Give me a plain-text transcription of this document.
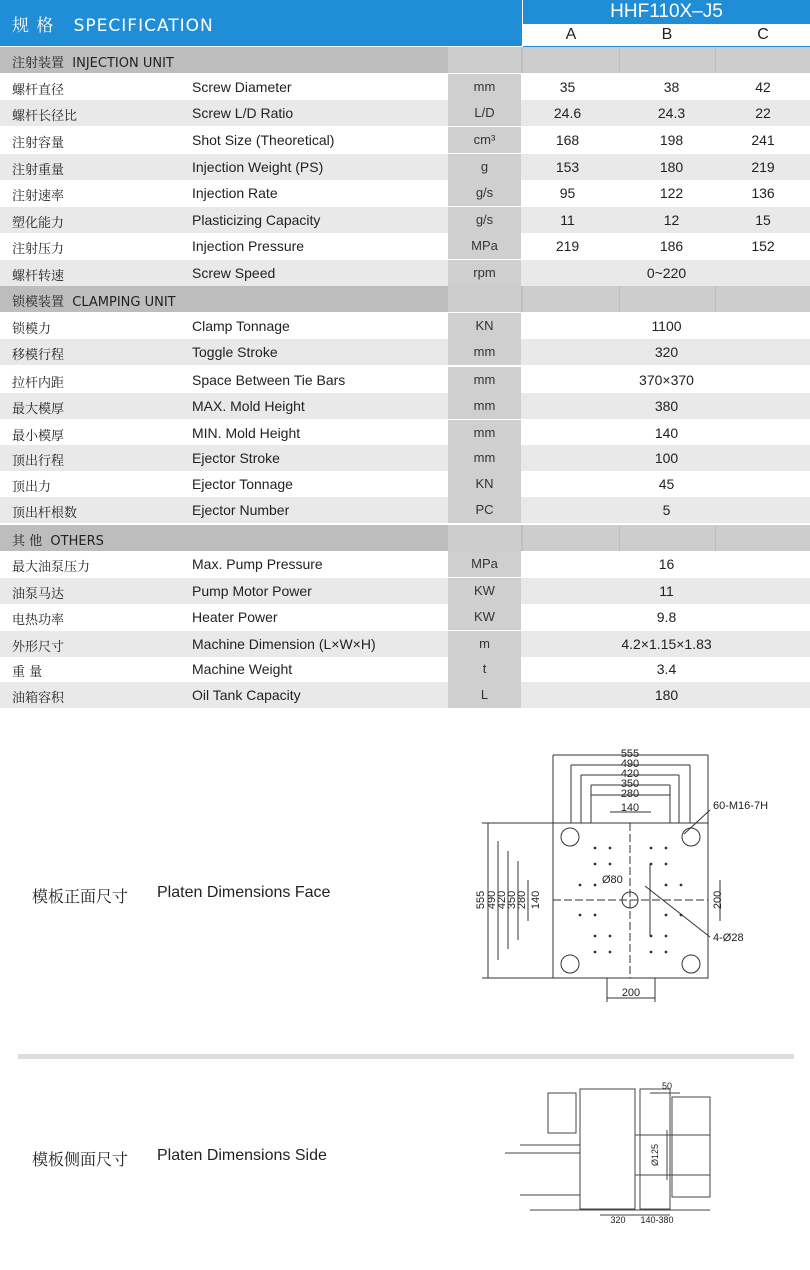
规 格 SPECIFICATION
HHF110X–J5
A	B	C
注射装置 INJECTION UNIT
螺杆直径	Screw Diameter	mm	35	38	42
螺杆长径比	Screw L/D Ratio	L/D	24.6	24.3	22
注射容量	Shot Size (Theoretical)	cm³	168	198	241
注射重量	Injection Weight (PS)	g	153	180	219
注射速率	Injection Rate	g/s	95	122	136
塑化能力	Plasticizing Capacity	g/s	11	12	15
注射压力	Injection Pressure	MPa	219	186	152
螺杆转速	Screw Speed	rpm	0~220
锁模装置 CLAMPING UNIT
锁模力	Clamp Tonnage	KN	1100
移模行程	Toggle Stroke	mm	320
拉杆内距	Space Between Tie Bars	mm	370×370
最大模厚	MAX. Mold Height	mm	380
最小模厚	MIN. Mold Height	mm	140
顶出行程	Ejector Stroke	mm	100
顶出力	Ejector Tonnage	KN	45
顶出杆根数	Ejector Number	PC	5
其 他 OTHERS
最大油泵压力	Max. Pump Pressure	MPa	16
油泵马达	Pump Motor Power	KW	11
电热功率	Heater Power	KW	9.8
外形尺寸	Machine Dimension (L×W×H)	m	4.2×1.15×1.83
重 量	Machine Weight	t	3.4
油箱容积	Oil Tank Capacity	L	180
模板正面尺寸 Platen Dimensions Face
555
490
420
350
280
140	60-M16-7H
Ø80
4-Ø28
200
555 490
420
350
280 140	200
模板侧面尺寸 Platen Dimensions Side
50
Ø125
320 140-380
